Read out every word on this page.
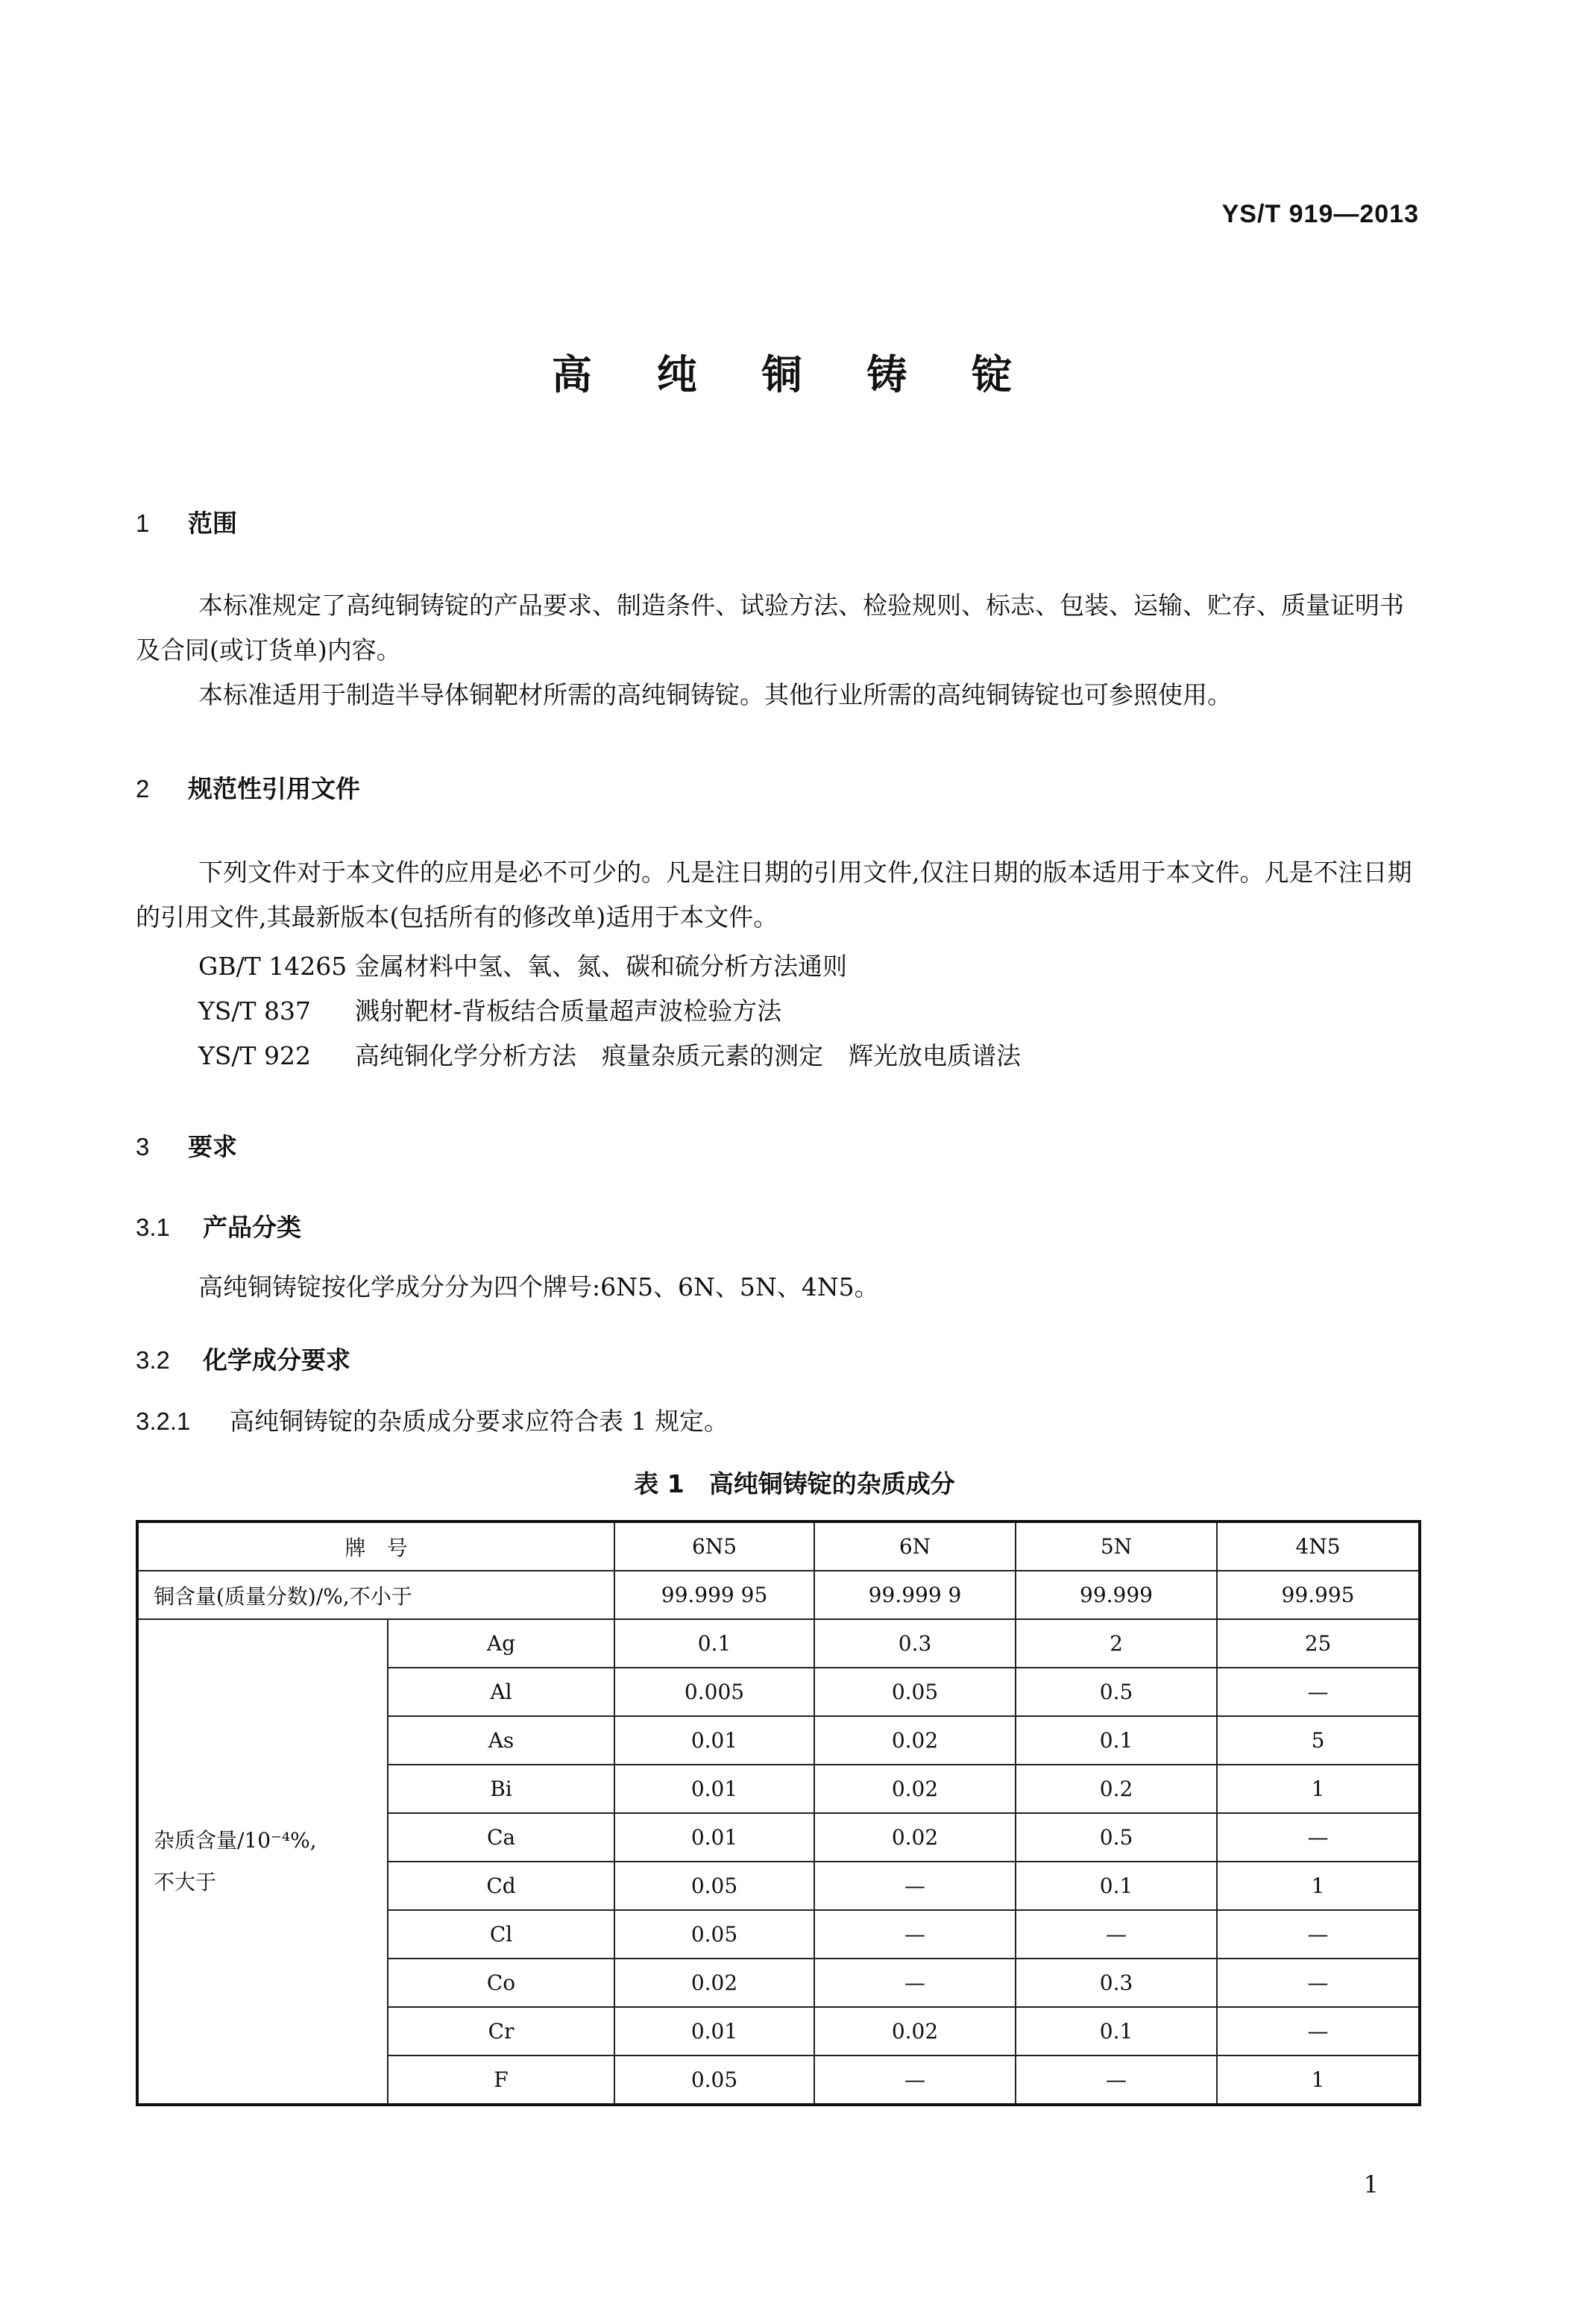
YS/T 919—2013
高 纯 铜 铸 锭
1 范围
本标准规定了高纯铜铸锭的产品要求、制造条件、试验方法、检验规则、标志、包装、运输、贮存、质量证明书及合同(或订货单)内容。
本标准适用于制造半导体铜靶材所需的高纯铜铸锭。其他行业所需的高纯铜铸锭也可参照使用。
2 规范性引用文件
下列文件对于本文件的应用是必不可少的。凡是注日期的引用文件,仅注日期的版本适用于本文件。凡是不注日期的引用文件,其最新版本(包括所有的修改单)适用于本文件。
GB/T 14265 金属材料中氢、氧、氮、碳和硫分析方法通则
YS/T 837 溅射靶材-背板结合质量超声波检验方法
YS/T 922 高纯铜化学分析方法 痕量杂质元素的测定 辉光放电质谱法
3 要求
3.1 产品分类
高纯铜铸锭按化学成分分为四个牌号:6N5、6N、5N、4N5。
3.2 化学成分要求
3.2.1 高纯铜铸锭的杂质成分要求应符合表 1 规定。
表 1　高纯铜铸锭的杂质成分
牌　号		6N5	6N	5N	4N5
铜含量(质量分数)/%,不小于		99.999 95	99.999 9	99.999	99.995

杂质含量/10⁻⁴%,
不大于	Ag	0.1	0.3	2	25
	Al	0.005	0.05	0.5	—
	As	0.01	0.02	0.1	5
	Bi	0.01	0.02	0.2	1
	Ca	0.01	0.02	0.5	—
	Cd	0.05	—	0.1	1
	Cl	0.05	—	—	—
	Co	0.02	—	0.3	—
	Cr	0.01	0.02	0.1	—
	F	0.05	—	—	1
1
